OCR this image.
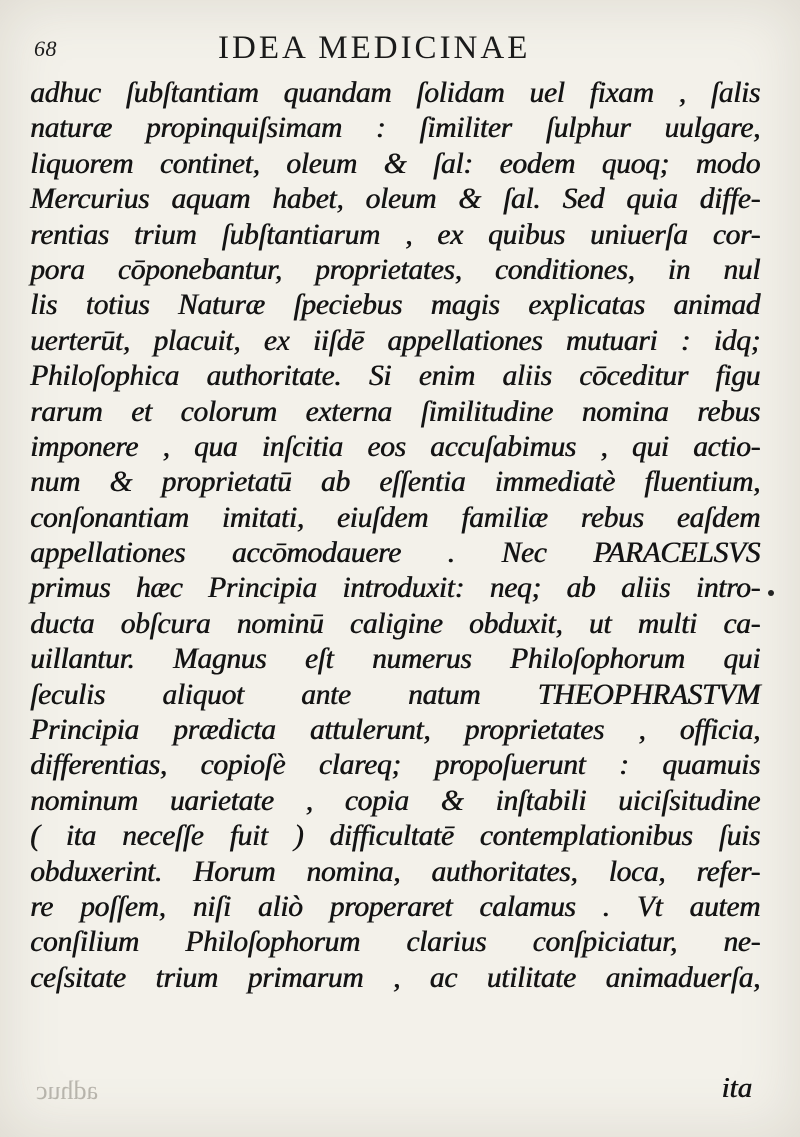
68	IDEA MEDICINAE
adhuc ſubſtantiam quandam ſolidam uel fixam , ſalis
naturæ propinquiſsimam : ſimiliter ſulphur uulgare,
liquorem continet, oleum & ſal: eodem quoq; modo
Mercurius aquam habet, oleum & ſal. Sed quia diffe-
rentias trium ſubſtantiarum , ex quibus uniuerſa cor-
pora cōponebantur, proprietates, conditiones, in nul
lis totius Naturæ ſpeciebus magis explicatas animad
uerterūt, placuit, ex iiſdē appellationes mutuari : idq;
Philoſophica authoritate. Si enim aliis cōceditur figu
rarum et colorum externa ſimilitudine nomina rebus
imponere , qua inſcitia eos accuſabimus , qui actio-
num & proprietatū ab eſſentia immediatè fluentium,
conſonantiam imitati, eiuſdem familiæ rebus eaſdem
appellationes accōmodauere . Nec PARACELSVS
primus hæc Principia introduxit: neq; ab aliis intro-
ducta obſcura nominū caligine obduxit, ut multi ca-
uillantur. Magnus eſt numerus Philoſophorum qui
ſeculis aliquot ante natum THEOPHRASTVM
Principia prædicta attulerunt, proprietates , officia,
differentias, copioſè clareq; propoſuerunt : quamuis
nominum uarietate , copia & inſtabili uiciſsitudine
( ita neceſſe fuit ) difficultatē contemplationibus ſuis
obduxerint. Horum nomina, authoritates, loca, refer-
re poſſem, niſi aliò properaret calamus . Vt autem
conſilium Philoſophorum clarius conſpiciatur, ne-
ceſsitate trium primarum , ac utilitate animaduerſa,
adhuc	ita
